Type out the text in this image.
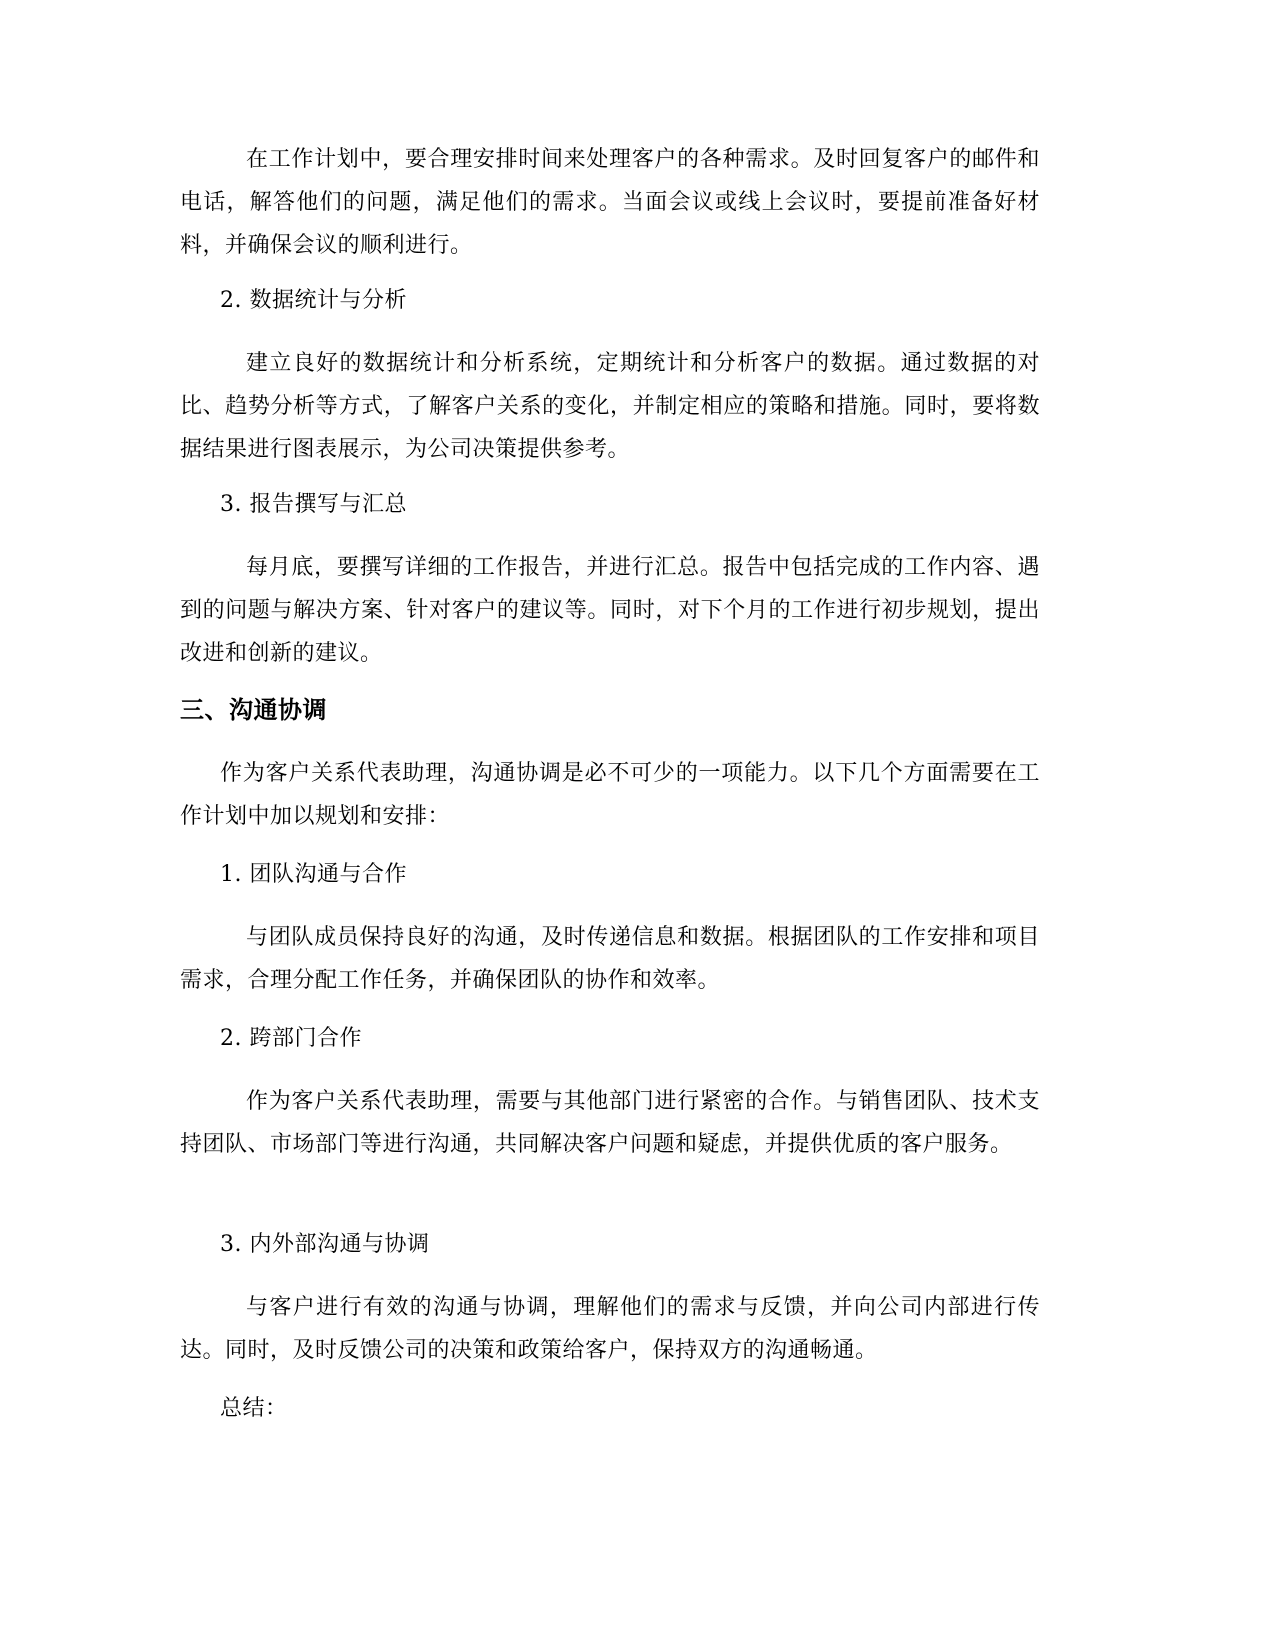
在工作计划中，要合理安排时间来处理客户的各种需求。及时回复客户的邮件和电话，解答他们的问题，满足他们的需求。当面会议或线上会议时，要提前准备好材料，并确保会议的顺利进行。
2. 数据统计与分析
建立良好的数据统计和分析系统，定期统计和分析客户的数据。通过数据的对比、趋势分析等方式，了解客户关系的变化，并制定相应的策略和措施。同时，要将数据结果进行图表展示，为公司决策提供参考。
3. 报告撰写与汇总
每月底，要撰写详细的工作报告，并进行汇总。报告中包括完成的工作内容、遇到的问题与解决方案、针对客户的建议等。同时，对下个月的工作进行初步规划，提出改进和创新的建议。
三、沟通协调
作为客户关系代表助理，沟通协调是必不可少的一项能力。以下几个方面需要在工作计划中加以规划和安排：
1. 团队沟通与合作
与团队成员保持良好的沟通，及时传递信息和数据。根据团队的工作安排和项目需求，合理分配工作任务，并确保团队的协作和效率。
2. 跨部门合作
作为客户关系代表助理，需要与其他部门进行紧密的合作。与销售团队、技术支持团队、市场部门等进行沟通，共同解决客户问题和疑虑，并提供优质的客户服务。
3. 内外部沟通与协调
与客户进行有效的沟通与协调，理解他们的需求与反馈，并向公司内部进行传达。同时，及时反馈公司的决策和政策给客户，保持双方的沟通畅通。
总结：
